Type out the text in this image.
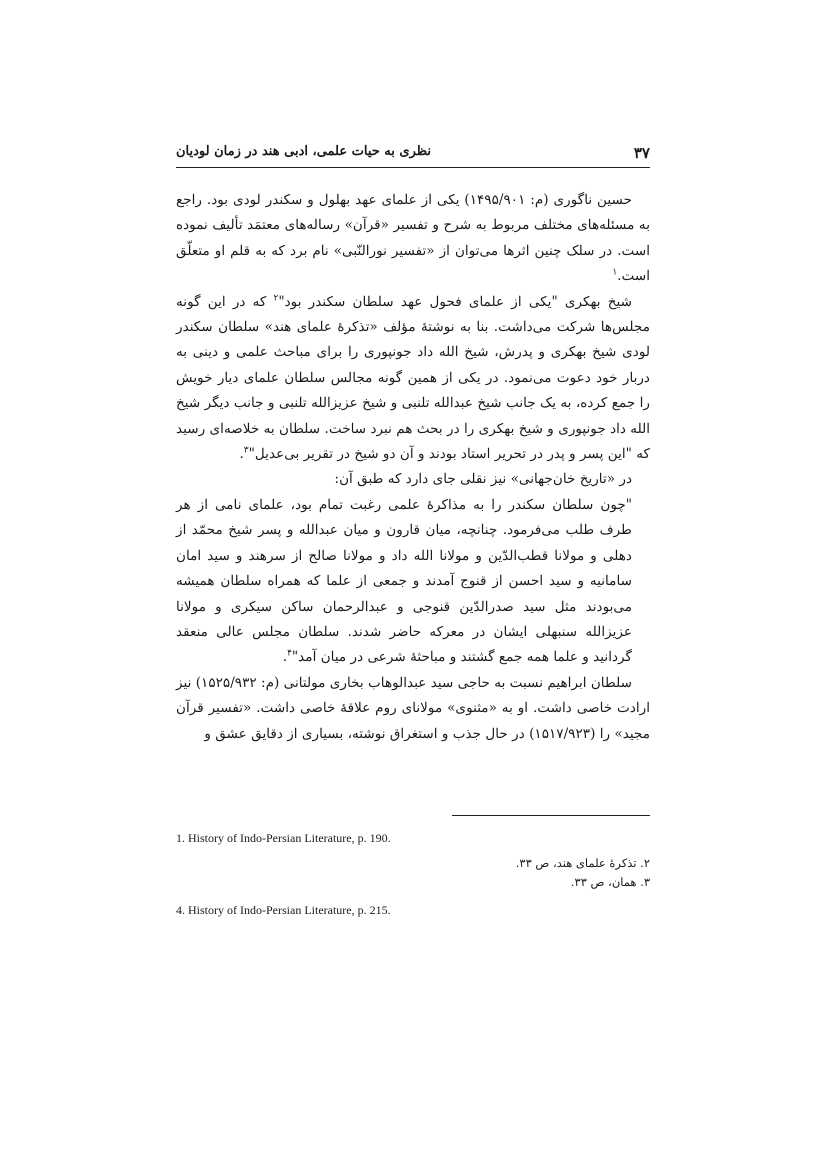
۳۷
نظری به حیات علمی، ادبی هند در زمان لودیان

حسین ناگوری (م: ۱۴۹۵/۹۰۱) یکی از علمای عهد بهلول و سکندر لودی بود. راجع به مسئله‌های مختلف مربوط به شرح و تفسیر «قرآن» رساله‌های معتمَد تألیف نموده است. در سلک چنین اثرها می‌توان از «تفسیر نورالنّبی» نام برد که به قلم او متعلّق است.$^۱$

شیخ بهکری "یکی از علمای فحول عهد سلطان سکندر بود"$^۲$ که در این گونه مجلس‌ها شرکت می‌داشت. بنا به نوشتهٔ مؤلف «تذکرهٔ علمای هند» سلطان سکندر لودی شیخ بهکری و پدرش، شیخ الله داد جونپوری را برای مباحث علمی و دینی به دربار خود دعوت می‌نمود. در یکی از همین گونه مجالس سلطان علمای دیار خویش را جمع کرده، به یک جانب شیخ عبدالله تلنبی و شیخ عزیزالله تلنبی و جانب دیگر شیخ الله داد جونپوری و شیخ بهکری را در بحث هم نبرد ساخت. سلطان به خلاصه‌ای رسید که "این پسر و پدر در تحریر استاد بودند و آن دو شیخ در تقریر بی‌عدیل"$^۳$.

در «تاریخ خان‌جهانی» نیز نقلی جای دارد که طبق آن:

"چون سلطان سکندر را به مذاکرهٔ علمی رغبت تمام بود، علمای نامی از هر طرف طلب می‌فرمود. چنانچه، میان قارون و میان عبدالله و پسر شیخ محمّد از دهلی و مولانا قطب‌الدّین و مولانا الله داد و مولانا صالح از سرهند و سید امان سامانیه و سید احسن از قنوج آمدند و جمعی از علما که همراه سلطان همیشه می‌بودند مثل سید صدرالدّین قنوجی و عبدالرحمان ساکن سیکری و مولانا عزیزالله سنبهلی ایشان در معرکه حاضر شدند. سلطان مجلس عالی منعقد گردانید و علما همه جمع گشتند و مباحثهٔ شرعی در میان آمد"$^۴$.

سلطان ابراهیم نسبت به حاجی سید عبدالوهاب بخاری مولتانی (م: ۱۵۲۵/۹۳۲) نیز ارادت خاصی داشت. او به «مثنوی» مولانای روم علاقهٔ خاصی داشت. «تفسیر قرآن مجید» را (۱۵۱۷/۹۲۳) در حال جذب و استغراق نوشته، بسیاری از دقایق عشق و

1. History of Indo-Persian Literature, p. 190.

۲. تذکرهٔ علمای هند، ص ۳۳.

۳. همان، ص ۳۳.

4. History of Indo-Persian Literature, p. 215.
